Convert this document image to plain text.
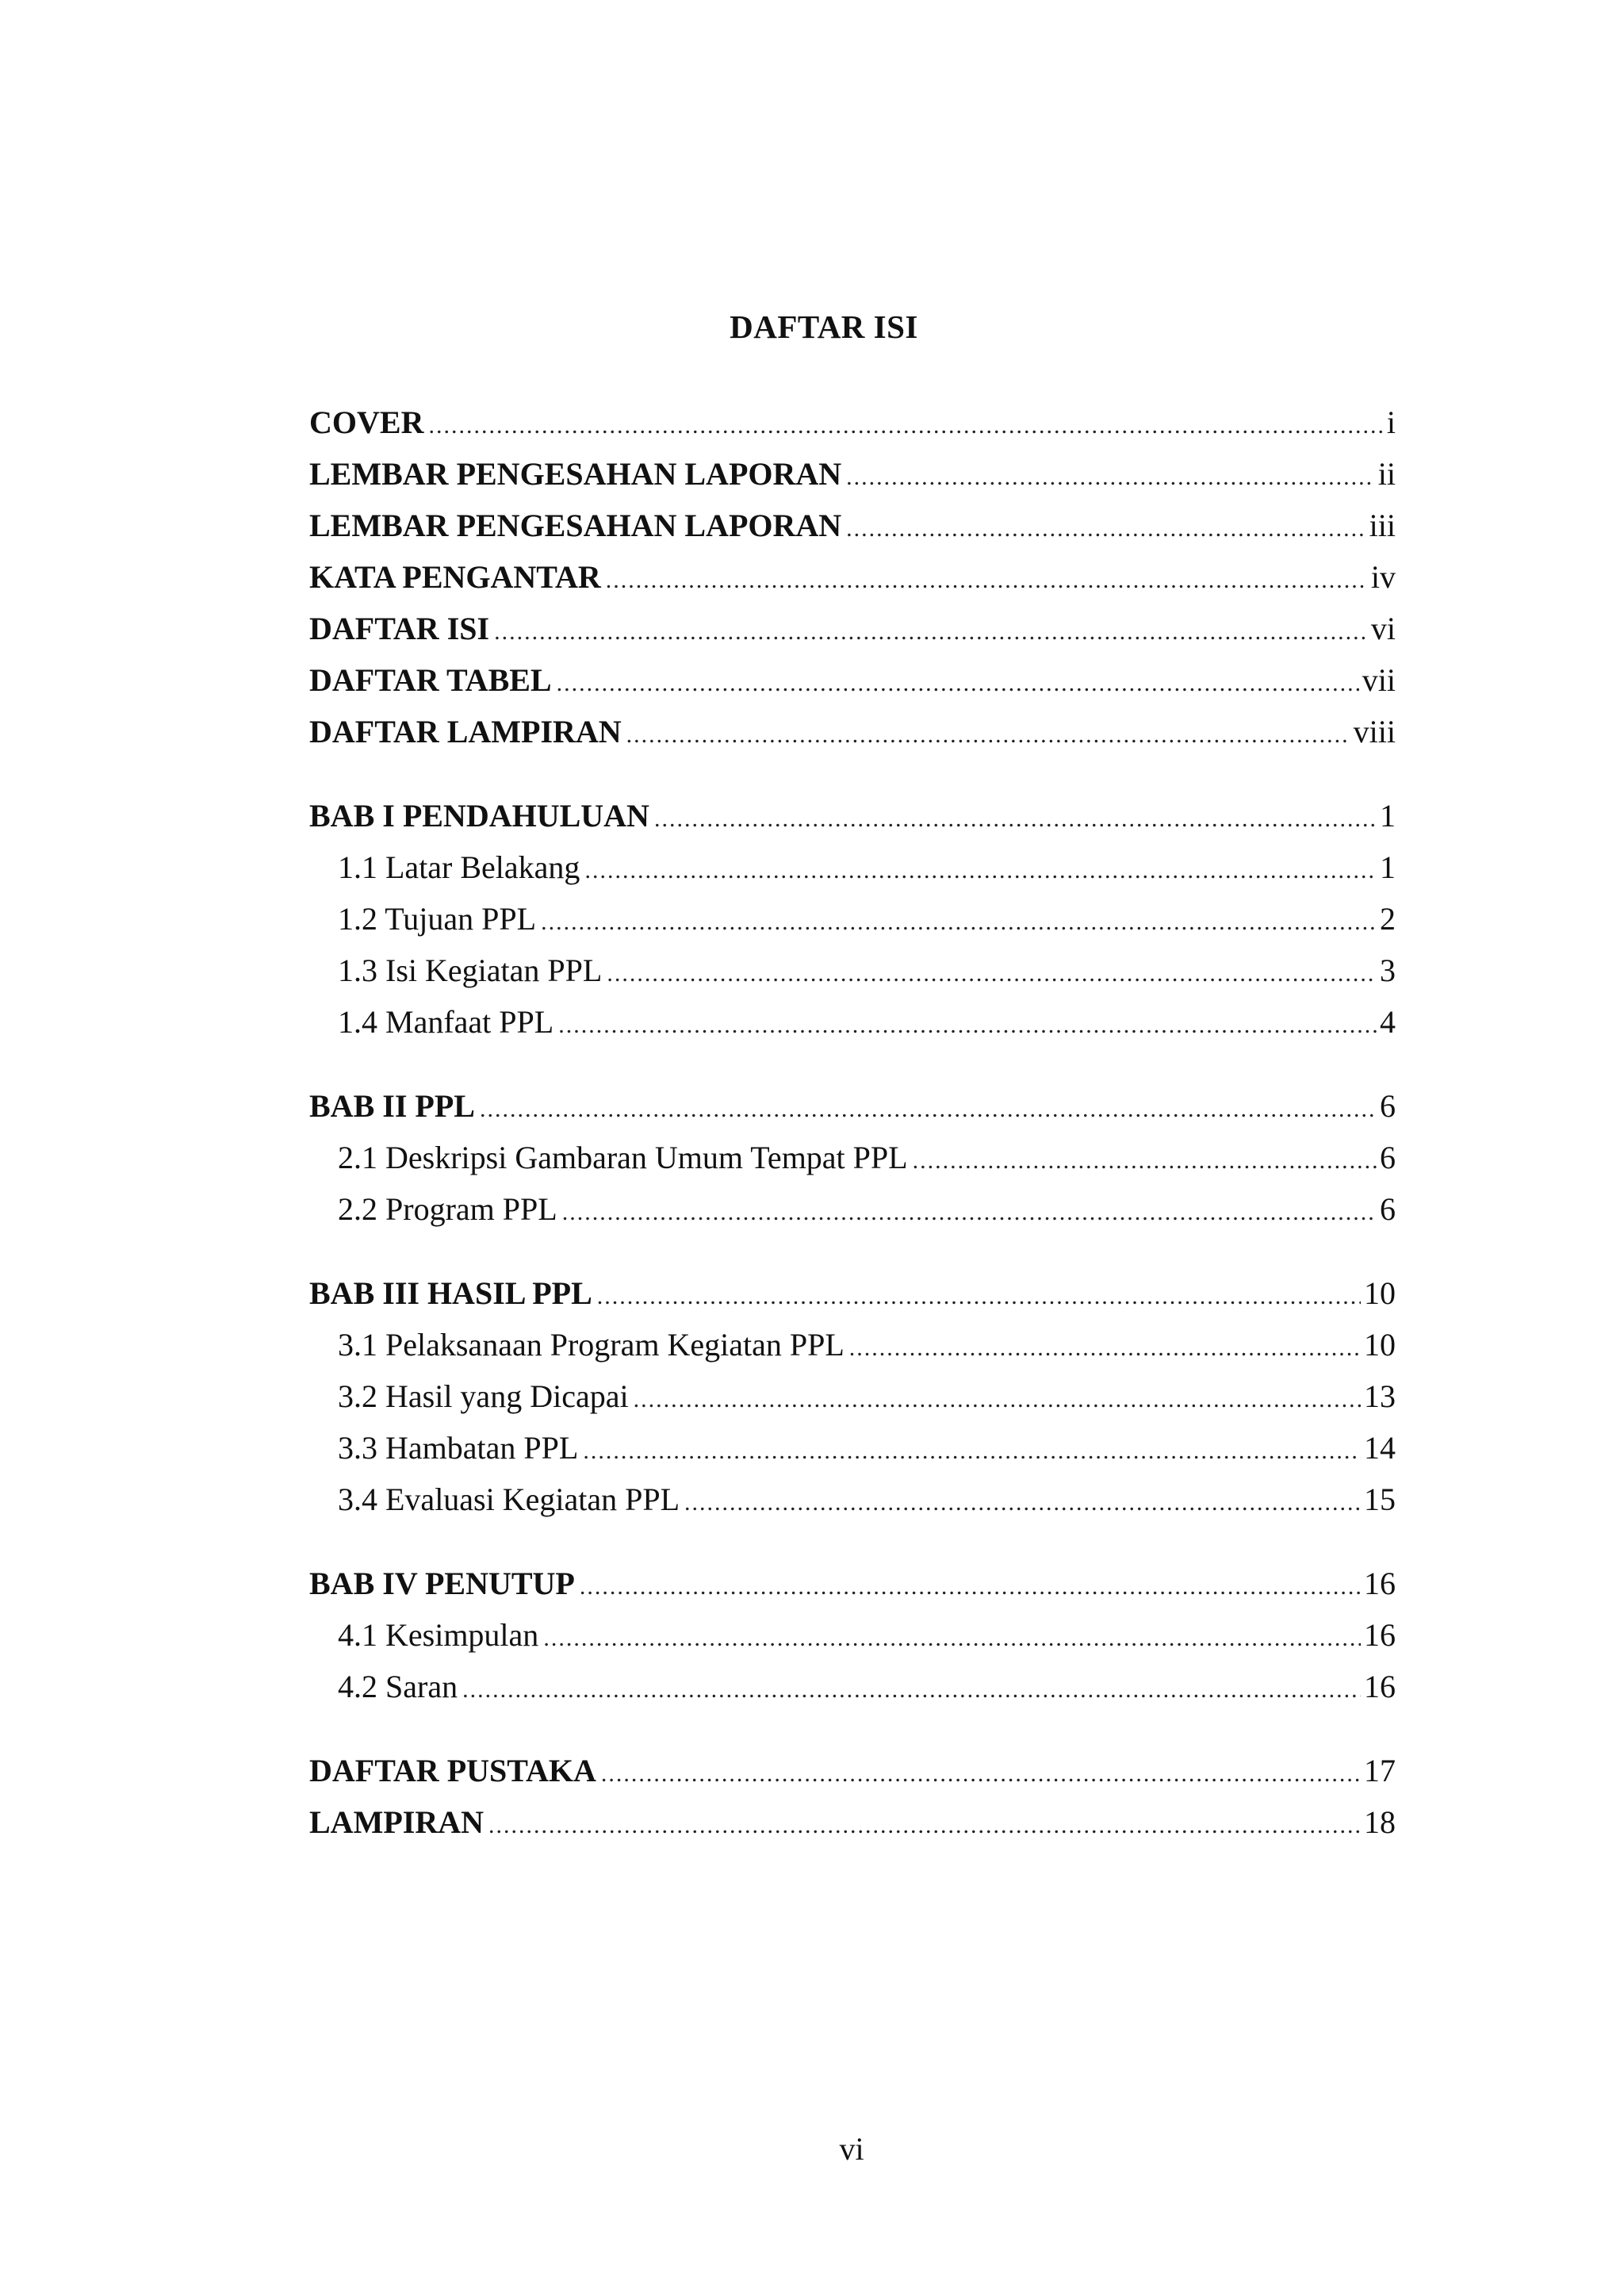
DAFTAR ISI
COVER .....	i
LEMBAR PENGESAHAN LAPORAN .....	ii
LEMBAR PENGESAHAN LAPORAN .....	iii
KATA PENGANTAR .....	iv
DAFTAR ISI .....	vi
DAFTAR TABEL .....	vii
DAFTAR LAMPIRAN .....	viii
BAB I PENDAHULUAN .....	1
1.1 Latar Belakang .....	1
1.2 Tujuan PPL .....	2
1.3 Isi Kegiatan PPL .....	3
1.4 Manfaat PPL .....	4
BAB II PPL .....	6
2.1 Deskripsi Gambaran Umum Tempat PPL .....	6
2.2 Program PPL .....	6
BAB III HASIL PPL .....	10
3.1 Pelaksanaan Program Kegiatan PPL .....	10
3.2 Hasil yang Dicapai .....	13
3.3 Hambatan PPL .....	14
3.4 Evaluasi Kegiatan PPL .....	15
BAB IV PENUTUP .....	16
4.1 Kesimpulan .....	16
4.2 Saran .....	16
DAFTAR PUSTAKA .....	17
LAMPIRAN .....	18
vi
